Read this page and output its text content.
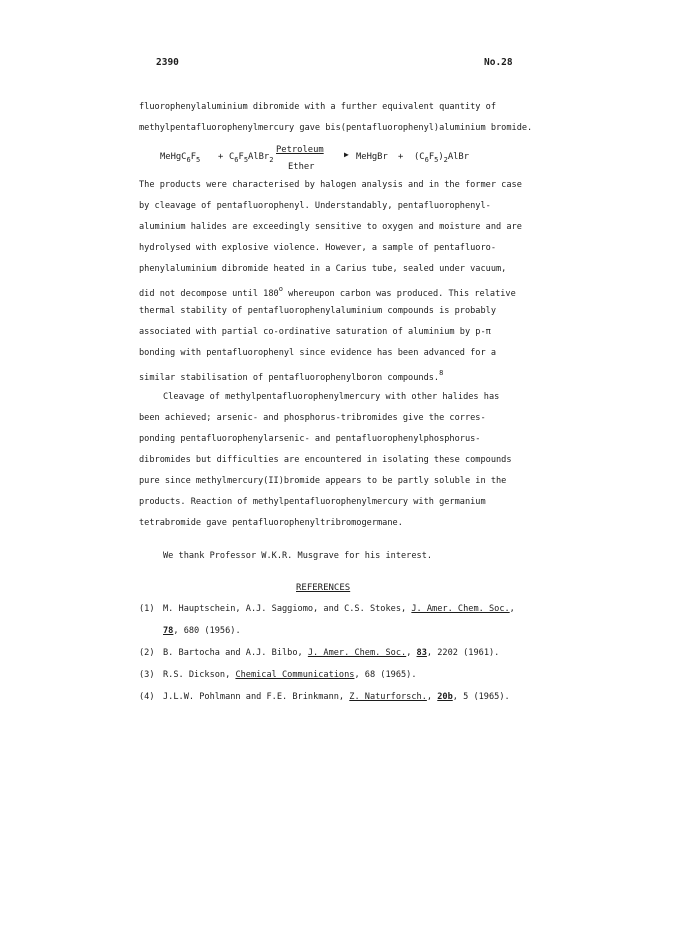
2390	No.28
fluorophenylaluminium dibromide with a further equivalent quantity of
methylpentafluorophenylmercury gave bis(pentafluorophenyl)aluminium bromide.
$MeHgC_6F_5$ + $C_6F_5AlBr_2$
Petroleum	▶
Ether
MeHgBr + $(C_6F_5)_2AlBr$
The products were characterised by halogen analysis and in the former case
by cleavage of pentafluorophenyl. Understandably, pentafluorophenyl-
aluminium halides are exceedingly sensitive to oxygen and moisture and are
hydrolysed with explosive violence. However, a sample of pentafluoro-
phenylaluminium dibromide heated in a Carius tube, sealed under vacuum,
did not decompose until 180$^o$ whereupon carbon was produced. This relative
thermal stability of pentafluorophenylaluminium compounds is probably
associated with partial co-ordinative saturation of aluminium by p-π
bonding with pentafluorophenyl since evidence has been advanced for a
similar stabilisation of pentafluorophenylboron compounds.$^8$
Cleavage of methylpentafluorophenylmercury with other halides has
been achieved; arsenic- and phosphorus-tribromides give the corres-
ponding pentafluorophenylarsenic- and pentafluorophenylphosphorus-
dibromides but difficulties are encountered in isolating these compounds
pure since methylmercury(II)bromide appears to be partly soluble in the
products. Reaction of methylpentafluorophenylmercury with germanium
tetrabromide gave pentafluorophenyltribromogermane.
We thank Professor W.K.R. Musgrave for his interest.
REFERENCES
(1) M. Hauptschein, A.J. Saggiomo, and C.S. Stokes, J. Amer. Chem. Soc.,
78, 680 (1956).
(2) B. Bartocha and A.J. Bilbo, J. Amer. Chem. Soc., 83, 2202 (1961).
(3) R.S. Dickson, Chemical Communications, 68 (1965).
(4) J.L.W. Pohlmann and F.E. Brinkmann, Z. Naturforsch., 20b, 5 (1965).
